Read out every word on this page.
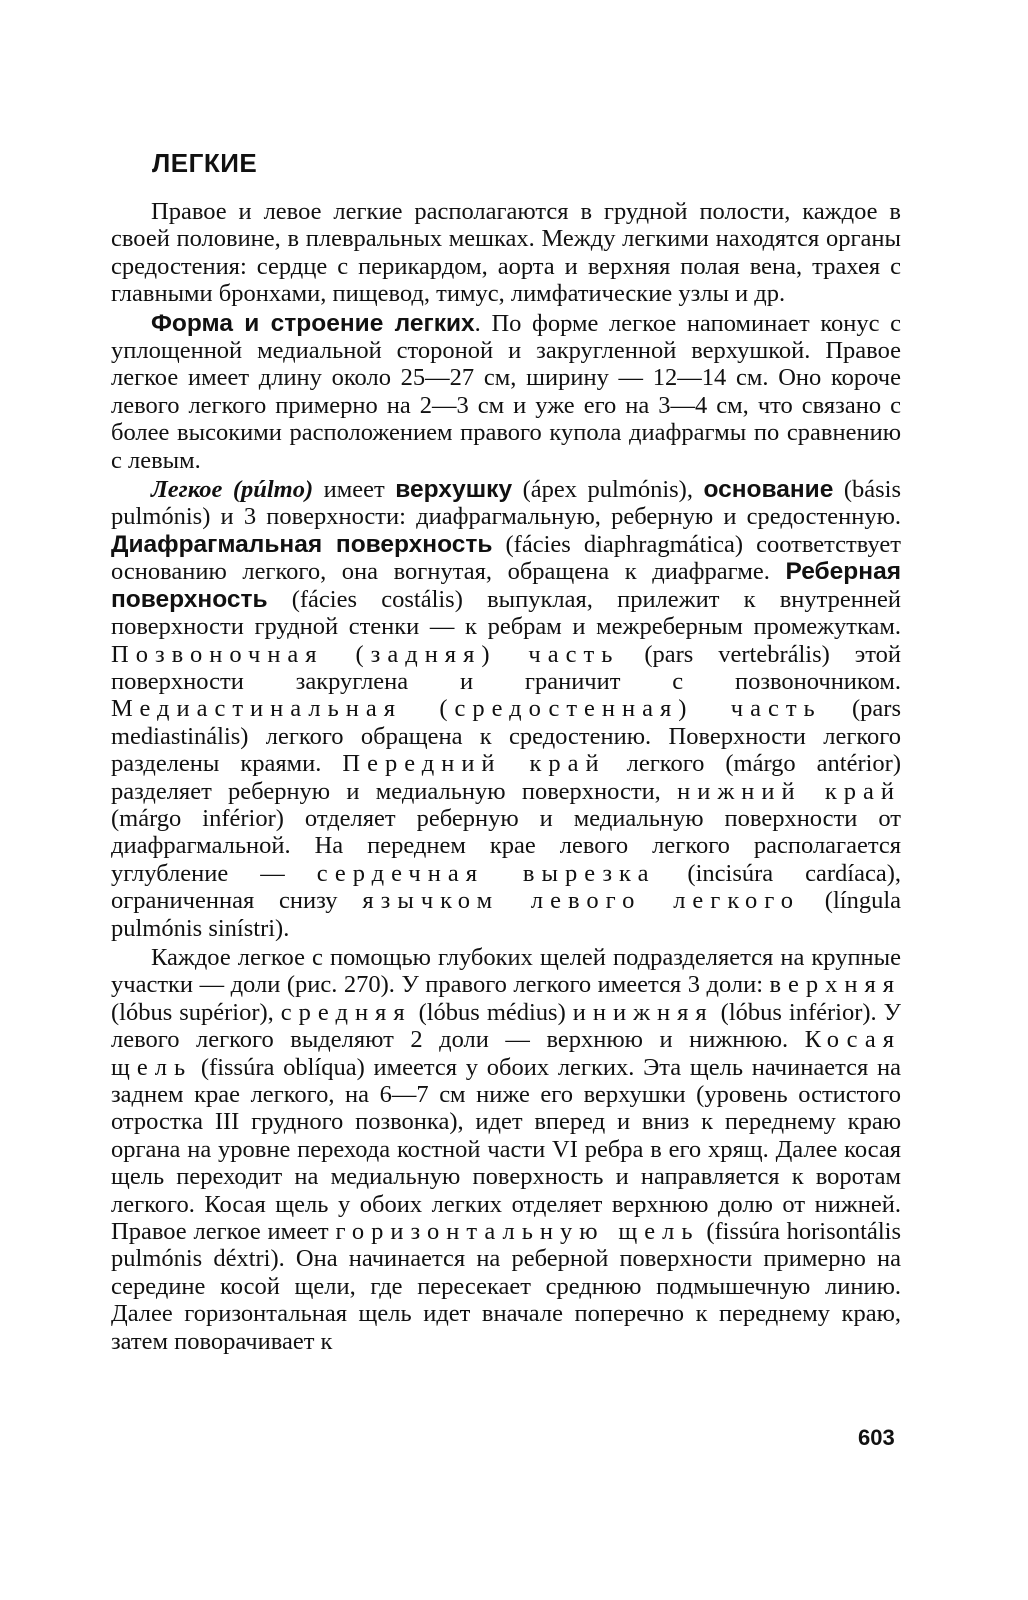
ЛЕГКИЕ

Правое и левое легкие располагаются в грудной полости, каждое в своей половине, в плевральных мешках. Между легкими находятся органы средостения: сердце с перикардом, аорта и верхняя полая вена, трахея с главными бронхами, пищевод, тимус, лимфатические узлы и др.

Форма и строение легких. По форме легкое напоминает конус с уплощенной медиальной стороной и закругленной верхушкой. Правое легкое имеет длину около 25—27 см, ширину — 12—14 см. Оно короче левого легкого примерно на 2—3 см и уже его на 3—4 см, что связано с более высокими расположением правого купола диафрагмы по сравнению с левым.

Легкое (púlmo) имеет верхушку (ápex pulmónis), основание (básis pulmónis) и 3 поверхности: диафрагмальную, реберную и средостенную. Диафрагмальная поверхность (fácies diaphragmática) соответствует основанию легкого, она вогнутая, обращена к диафрагме. Реберная поверхность (fácies costális) выпуклая, прилежит к внутренней поверхности грудной стенки — к ребрам и межреберным промежуткам. Позвоночная (задняя) часть (pars vertebrális) этой поверхности закруглена и граничит с позвоночником. Медиастинальная (средостенная) часть (pars mediastinális) легкого обращена к средостению. Поверхности легкого разделены краями. Передний край легкого (márgo antérior) разделяет реберную и медиальную поверхности, нижний край (márgo inférior) отделяет реберную и медиальную поверхности от диафрагмальной. На переднем крае левого легкого располагается углубление — сердечная вырезка (incisúra cardíaca), ограниченная снизу язычком левого легкого (língula pulmónis sinístri).

Каждое легкое с помощью глубоких щелей подразделяется на крупные участки — доли (рис. 270). У правого легкого имеется 3 доли: верхняя (lóbus supérior), средняя (lóbus médius) и нижняя (lóbus inférior). У левого легкого выделяют 2 доли — верхнюю и нижнюю. Косая щель (fissúra oblíqua) имеется у обоих легких. Эта щель начинается на заднем крае легкого, на 6—7 см ниже его верхушки (уровень остистого отростка III грудного позвонка), идет вперед и вниз к переднему краю органа на уровне перехода костной части VI ребра в его хрящ. Далее косая щель переходит на медиальную поверхность и направляется к воротам легкого. Косая щель у обоих легких отделяет верхнюю долю от нижней. Правое легкое имеет горизонтальную щель (fissúra horisontális pulmónis déxtri). Она начинается на реберной поверхности примерно на середине косой щели, где пересекает среднюю подмышечную линию. Далее горизонтальная щель идет вначале поперечно к переднему краю, затем поворачивает к

603
